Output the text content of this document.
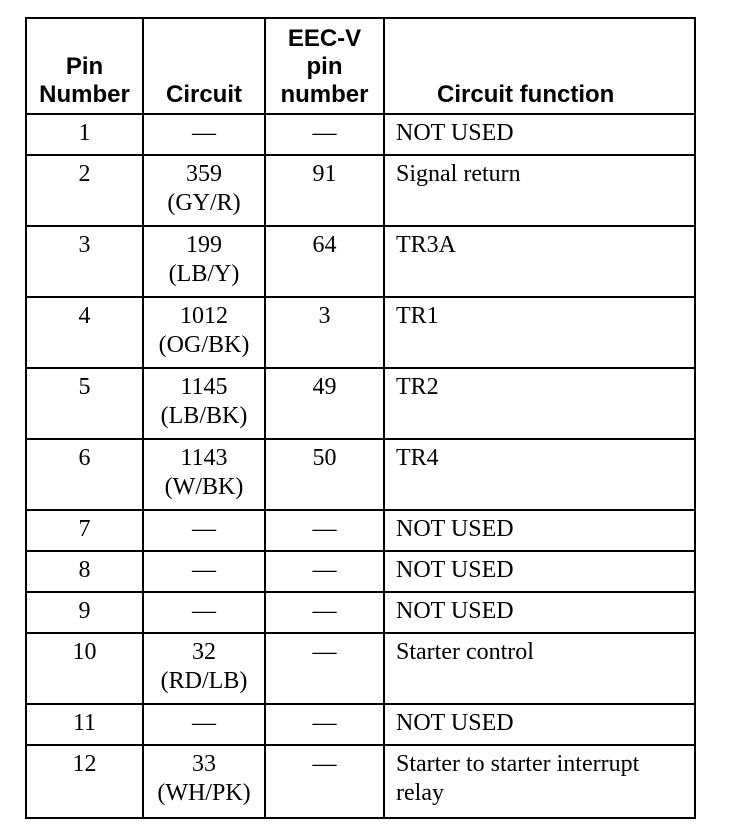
Pin
Number	Circuit	EEC-V
pin
number	Circuit function
1	—	—	NOT USED
2	359
(GY/R)	91	Signal return
3	199
(LB/Y)	64	TR3A
4	1012
(OG/BK)	3	TR1
5	1145
(LB/BK)	49	TR2
6	1143
(W/BK)	50	TR4
7	—	—	NOT USED
8	—	—	NOT USED
9	—	—	NOT USED
10	32
(RD/LB)	—	Starter control
11	—	—	NOT USED
12	33
(WH/PK)	—	Starter to starter interrupt
relay
